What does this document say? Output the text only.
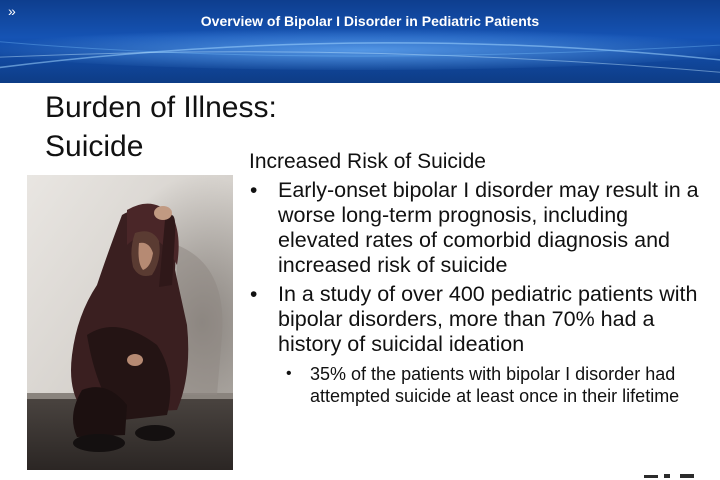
»
Overview of Bipolar I Disorder in Pediatric Patients
Burden of Illness:
Suicide	Increased Risk of Suicide
• Early-onset bipolar I disorder may result in a worse long-term prognosis, including elevated rates of comorbid diagnosis and increased risk of suicide
• In a study of over 400 pediatric patients with bipolar disorders, more than 70% had a history of suicidal ideation
• 35% of the patients with bipolar I disorder had attempted suicide at least once in their lifetime
